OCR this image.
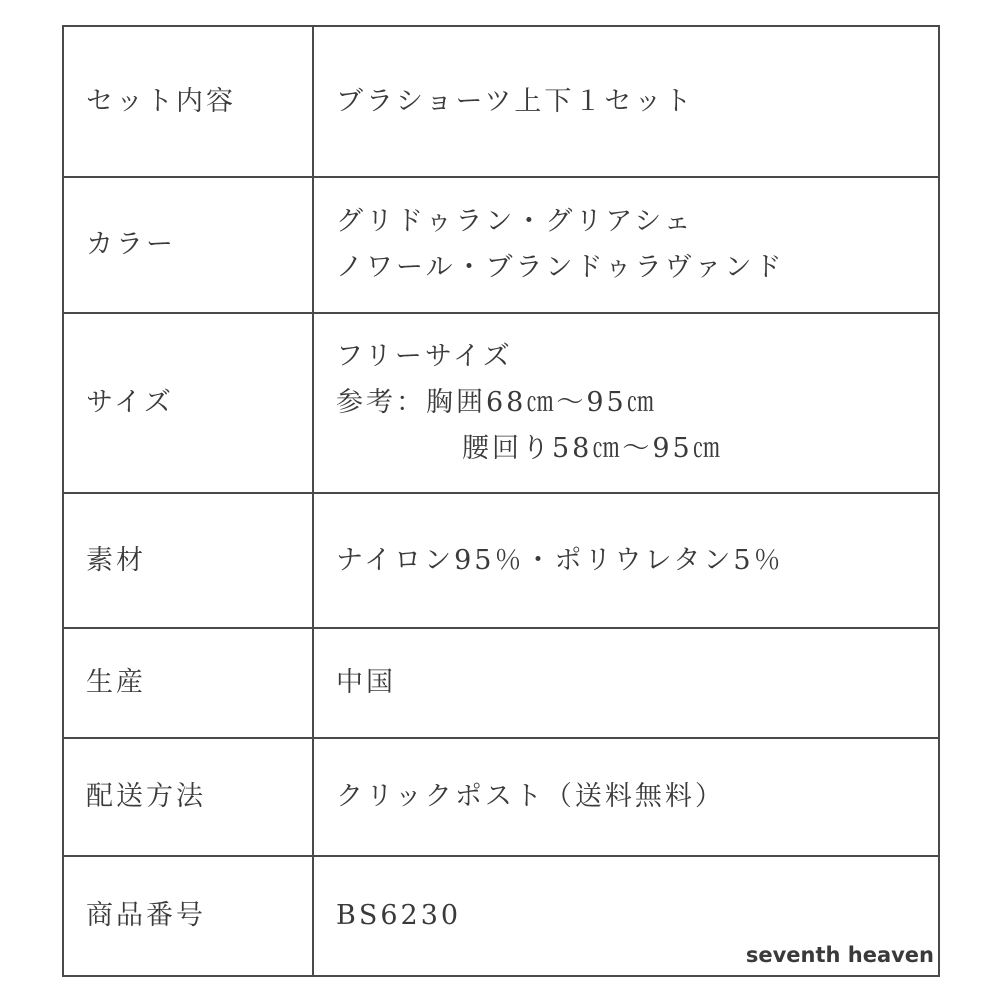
セット内容	ブラショーツ上下１セット

カラー	グリドゥラン・グリアシェ
ノワール・ブランドゥラヴァンド

サイズ	フリーサイズ
参考：胸囲68㎝～95㎝
腰回り58㎝～95㎝

素材	ナイロン95％・ポリウレタン5％

生産	中国

配送方法	クリックポスト（送料無料）

商品番号	BS6230
seventh heaven
